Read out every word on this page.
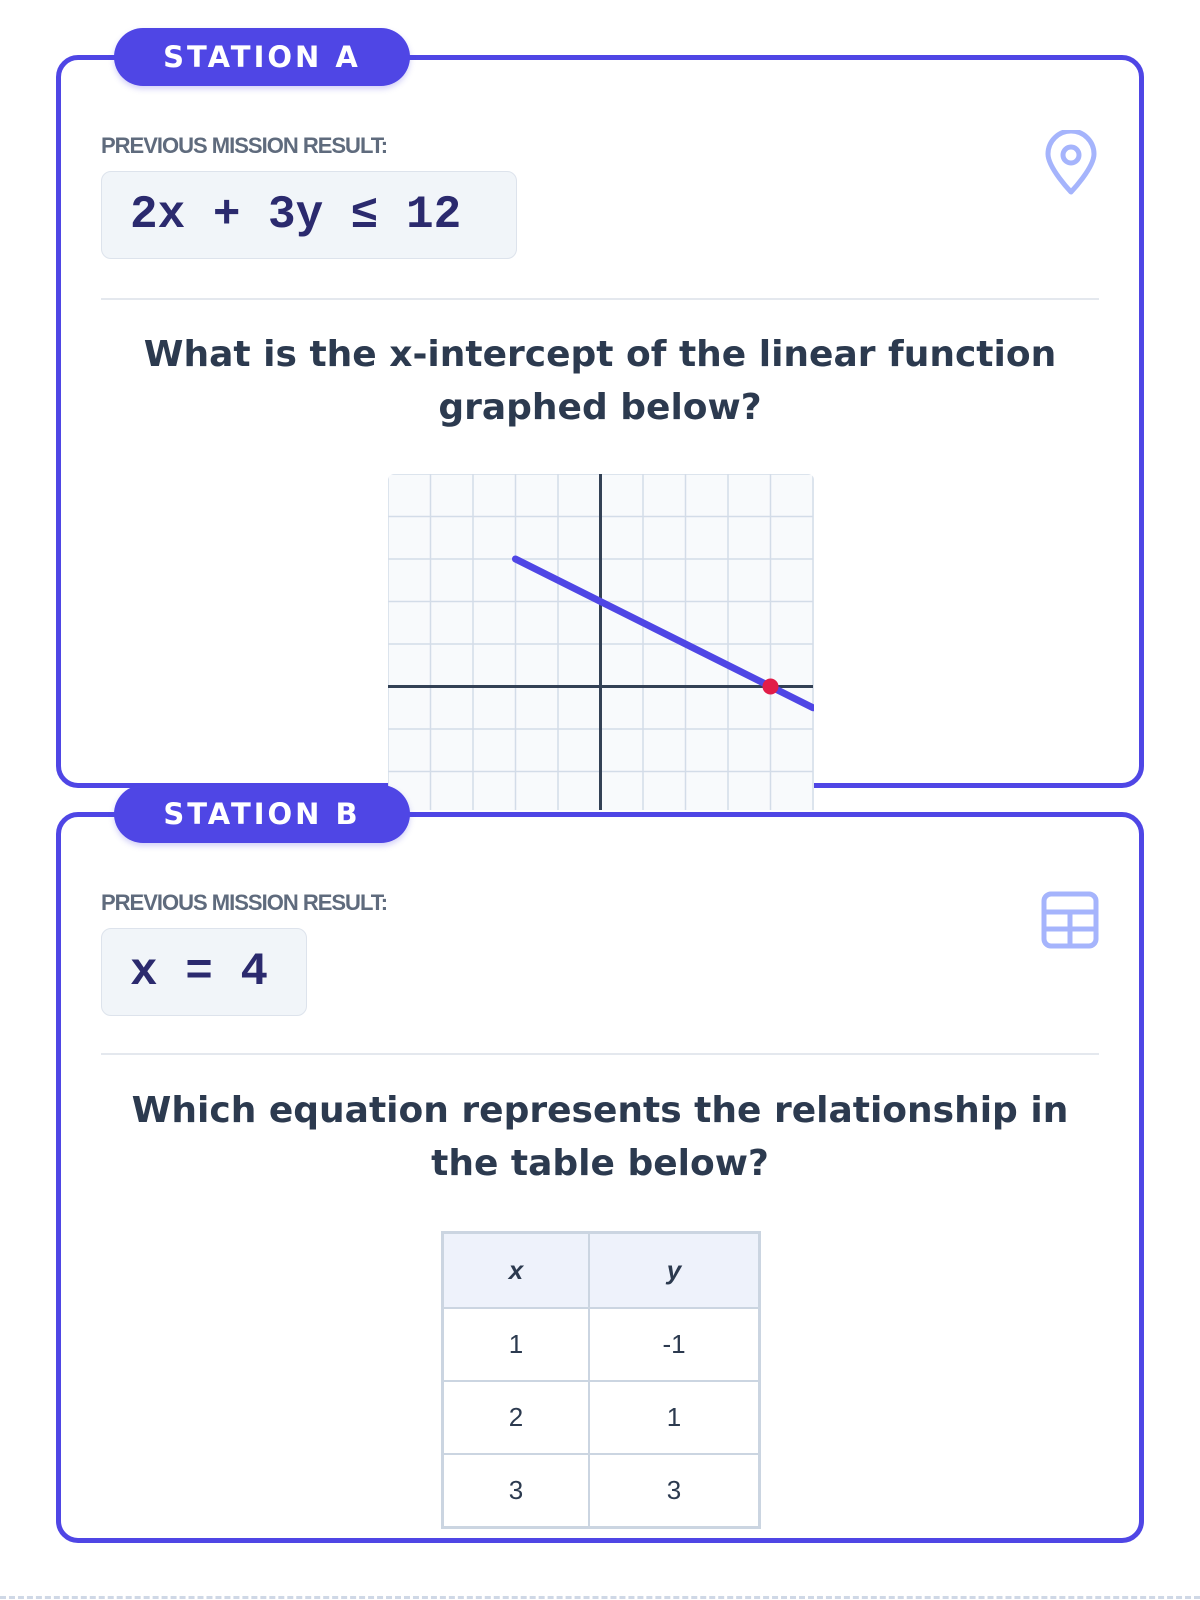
STATION A
PREVIOUS MISSION RESULT:
2x + 3y ≤ 12
What is the x-intercept of the linear function graphed below?
STATION B
PREVIOUS MISSION RESULT:
x = 4
Which equation represents the relationship in the table below?
x	y
1	-1
2	1
3	3
